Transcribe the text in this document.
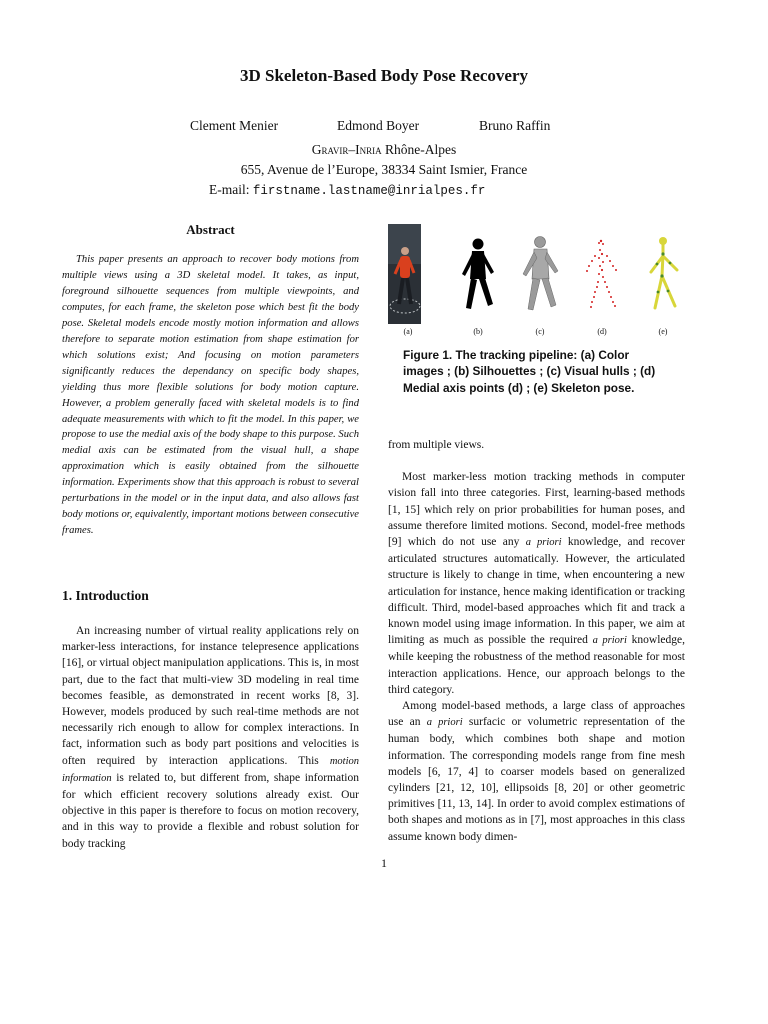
3D Skeleton-Based Body Pose Recovery
Clement Menier	Edmond Boyer	Bruno Raffin
Gravir–Inria Rhône-Alpes
655, Avenue de l’Europe, 38334 Saint Ismier, France
E-mail: firstname.lastname@inrialpes.fr
Abstract

This paper presents an approach to recover body motions from multiple views using a 3D skeletal model. It takes, as input, foreground silhouette sequences from multiple viewpoints, and computes, for each frame, the skeleton pose which best fit the body pose. Skeletal models encode mostly motion information and allows therefore to separate motion estimation from shape estimation for which solutions exist; And focusing on motion parameters significantly reduces the dependancy on specific body shapes, yielding thus more flexible solutions for body motion capture. However, a problem generally faced with skeletal models is to find adequate measurements with which to fit the model. In this paper, we propose to use the medial axis of the body shape to this purpose. Such medial axis can be estimated from the visual hull, a shape approximation which is easily obtained from the silhouette information. Experiments show that this approach is robust to several perturbations in the model or in the input data, and also allows fast body motions or, equivalently, important motions between consecutive frames.

1. Introduction

An increasing number of virtual reality applications rely on marker-less interactions, for instance telepresence applications [16], or virtual object manipulation applications. This is, in most part, due to the fact that multi-view 3D modeling in real time becomes feasible, as demonstrated in recent works [8, 3]. However, models produced by such real-time methods are not necessarily rich enough to allow for complex interactions. In fact, information such as body part positions and velocities is often required by interaction applications. This motion information is related to, but different from, shape information for which efficient recovery solutions already exist. Our objective in this paper is therefore to focus on motion recovery, and in this way to provide a flexible and robust solution for body tracking

(a)	(b)	(c)	(d)	(e)
Figure 1. The tracking pipeline: (a) Color images ; (b) Silhouettes ; (c) Visual hulls ; (d) Medial axis points (d) ; (e) Skeleton pose.

from multiple views.

Most marker-less motion tracking methods in computer vision fall into three categories. First, learning-based methods [1, 15] which rely on prior probabilities for human poses, and assume therefore limited motions. Second, model-free methods [9] which do not use any a priori knowledge, and recover articulated structures automatically. However, the articulated structure is likely to change in time, when encountering a new articulation for instance, hence making identification or tracking difficult. Third, model-based approaches which fit and track a known model using image information. In this paper, we aim at limiting as much as possible the required a priori knowledge, while keeping the robustness of the method reasonable for most interaction applications. Hence, our approach belongs to the third category.

Among model-based methods, a large class of approaches use an a priori surfacic or volumetric representation of the human body, which combines both shape and motion information. The corresponding models range from fine mesh models [6, 17, 4] to coarser models based on generalized cylinders [21, 12, 10], ellipsoids [8, 20] or other geometric primitives [11, 13, 14]. In order to avoid complex estimations of both shapes and motions as in [7], most approaches in this class assume known body dimen-

1
